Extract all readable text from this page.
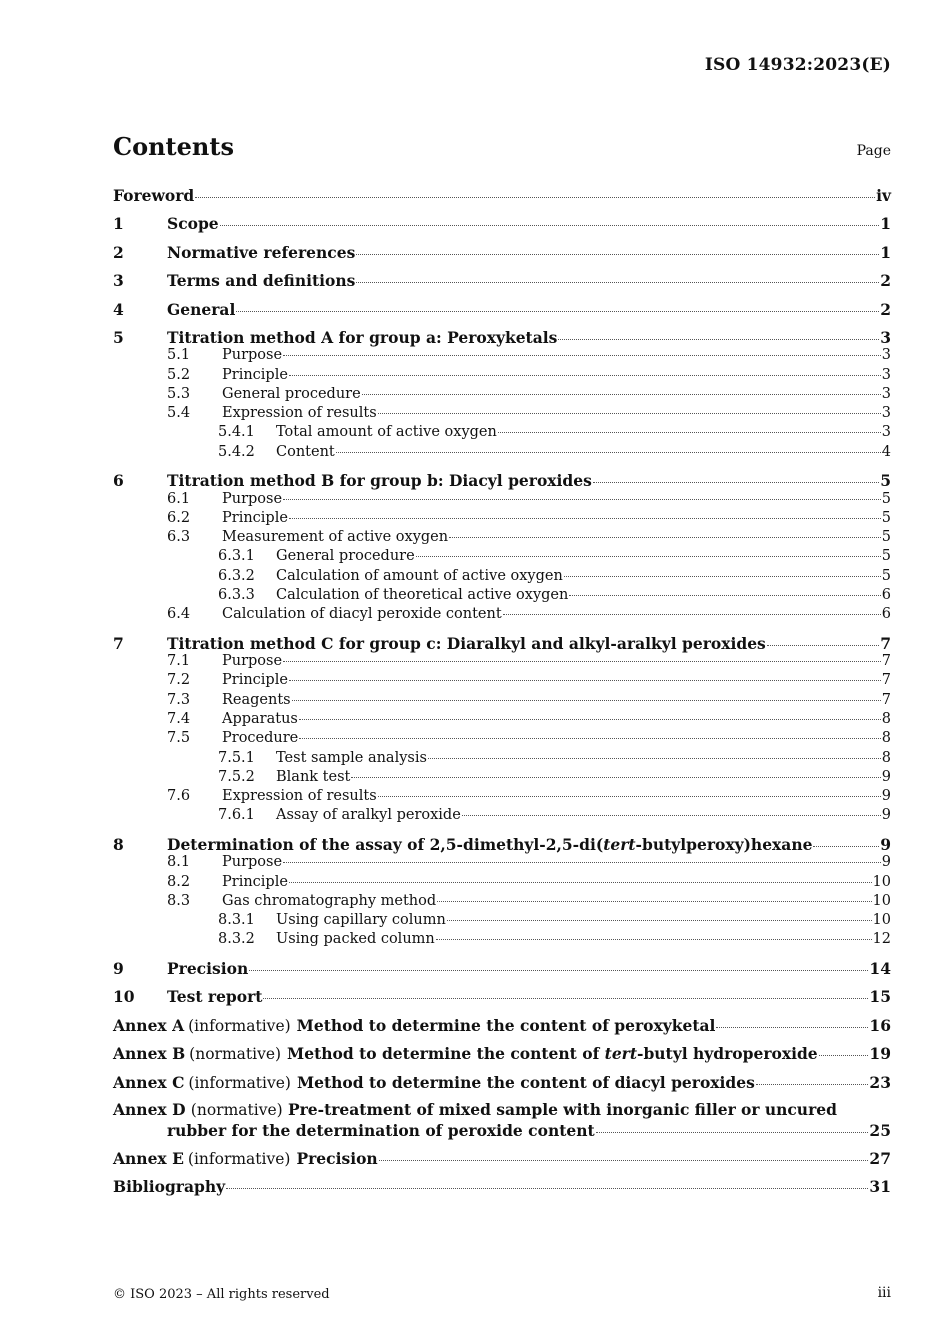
ISO 14932:2023(E)
Contents	Page
Foreword	iv
1	Scope	1
2	Normative references	1
3	Terms and definitions	2
4	General	2
5	Titration method A for group a: Peroxyketals	3
5.1	Purpose	3
5.2	Principle	3
5.3	General procedure	3
5.4	Expression of results	3
5.4.1	Total amount of active oxygen	3
5.4.2	Content	4
6	Titration method B for group b: Diacyl peroxides	5
6.1	Purpose	5
6.2	Principle	5
6.3	Measurement of active oxygen	5
6.3.1	General procedure	5
6.3.2	Calculation of amount of active oxygen	5
6.3.3	Calculation of theoretical active oxygen	6
6.4	Calculation of diacyl peroxide content	6
7	Titration method C for group c: Diaralkyl and alkyl-aralkyl peroxides	7
7.1	Purpose	7
7.2	Principle	7
7.3	Reagents	7
7.4	Apparatus	8
7.5	Procedure	8
7.5.1	Test sample analysis	8
7.5.2	Blank test	9
7.6	Expression of results	9
7.6.1	Assay of aralkyl peroxide	9
8	Determination of the assay of 2,5-dimethyl-2,5-di(tert-butylperoxy)hexane	9
8.1	Purpose	9
8.2	Principle	10
8.3	Gas chromatography method	10
8.3.1	Using capillary column	10
8.3.2	Using packed column	12
9	Precision	14
10	Test report	15
Annex A (informative) Method to determine the content of peroxyketal	16
Annex B (normative) Method to determine the content of tert-butyl hydroperoxide	19
Annex C (informative) Method to determine the content of diacyl peroxides	23
Annex D (normative) Pre-treatment of mixed sample with inorganic filler or uncured
rubber for the determination of peroxide content	25
Annex E (informative) Precision	27
Bibliography	31
© ISO 2023 – All rights reserved	iii
